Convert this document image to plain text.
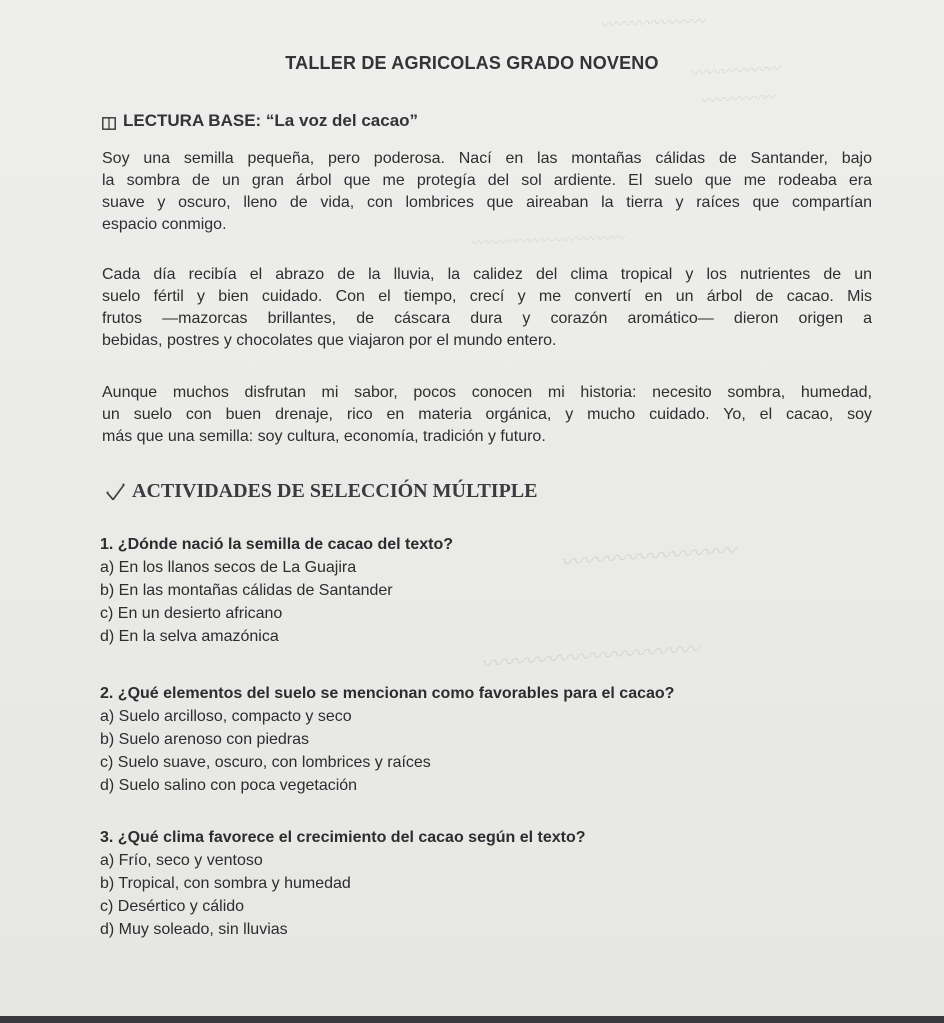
〰〰〰〰〰〰〰
〰〰〰〰〰〰
〰〰〰〰〰
〰〰〰〰〰〰〰〰〰〰〰
〰〰〰〰〰〰〰〰
〰〰〰〰〰〰〰〰〰〰
TALLER DE AGRICOLAS GRADO NOVENO
LECTURA BASE: “La voz del cacao”
Soy una semilla pequeña, pero poderosa. Nací en las montañas cálidas de Santander, bajo
la sombra de un gran árbol que me protegía del sol ardiente. El suelo que me rodeaba era
suave y oscuro, lleno de vida, con lombrices que aireaban la tierra y raíces que compartían
espacio conmigo.
Cada día recibía el abrazo de la lluvia, la calidez del clima tropical y los nutrientes de un
suelo fértil y bien cuidado. Con el tiempo, crecí y me convertí en un árbol de cacao. Mis
frutos —mazorcas brillantes, de cáscara dura y corazón aromático— dieron origen a
bebidas, postres y chocolates que viajaron por el mundo entero.
Aunque muchos disfrutan mi sabor, pocos conocen mi historia: necesito sombra, humedad,
un suelo con buen drenaje, rico en materia orgánica, y mucho cuidado. Yo, el cacao, soy
más que una semilla: soy cultura, economía, tradición y futuro.
ACTIVIDADES DE SELECCIÓN MÚLTIPLE
1. ¿Dónde nació la semilla de cacao del texto?
a) En los llanos secos de La Guajira
b) En las montañas cálidas de Santander
c) En un desierto africano
d) En la selva amazónica
2. ¿Qué elementos del suelo se mencionan como favorables para el cacao?
a) Suelo arcilloso, compacto y seco
b) Suelo arenoso con piedras
c) Suelo suave, oscuro, con lombrices y raíces
d) Suelo salino con poca vegetación
3. ¿Qué clima favorece el crecimiento del cacao según el texto?
a) Frío, seco y ventoso
b) Tropical, con sombra y humedad
c) Desértico y cálido
d) Muy soleado, sin lluvias
